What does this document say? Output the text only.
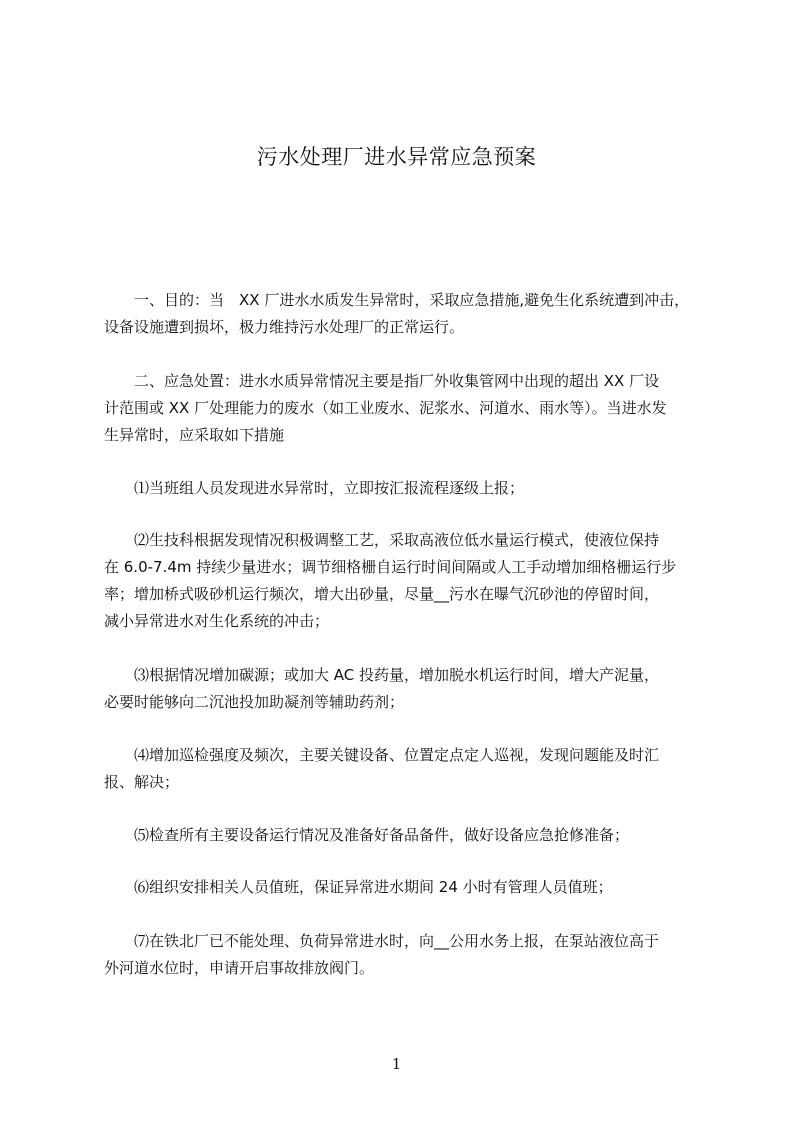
污水处理厂进水异常应急预案

　　一、目的：当　XX 厂进水水质发生异常时，采取应急措施,避免生化系统遭到冲击，
设备设施遭到损坏，极力维持污水处理厂的正常运行。

　　二、应急处置：进水水质异常情况主要是指厂外收集管网中出现的超出 XX 厂设
计范围或 XX 厂处理能力的废水（如工业废水、泥浆水、河道水、雨水等）。当进水发
生异常时，应采取如下措施

　　⑴当班组人员发现进水异常时，立即按汇报流程逐级上报；

　　⑵生技科根据发现情况积极调整工艺，采取高液位低水量运行模式，使液位保持
在 6.0-7.4m 持续少量进水；调节细格栅自运行时间间隔或人工手动增加细格栅运行步
率；增加桥式吸砂机运行频次，增大出砂量，尽量__污水在曝气沉砂池的停留时间，
减小异常进水对生化系统的冲击；

　　⑶根据情况增加碳源；或加大 AC 投药量，增加脱水机运行时间，增大产泥量，
必要时能够向二沉池投加助凝剂等辅助药剂；

　　⑷增加巡检强度及频次，主要关键设备、位置定点定人巡视，发现问题能及时汇
报、解决；

　　⑸检查所有主要设备运行情况及准备好备品备件，做好设备应急抢修准备；

　　⑹组织安排相关人员值班，保证异常进水期间 24 小时有管理人员值班；

　　⑺在铁北厂已不能处理、负荷异常进水时，向__公用水务上报，在泵站液位高于
外河道水位时，申请开启事故排放阀门。

1
